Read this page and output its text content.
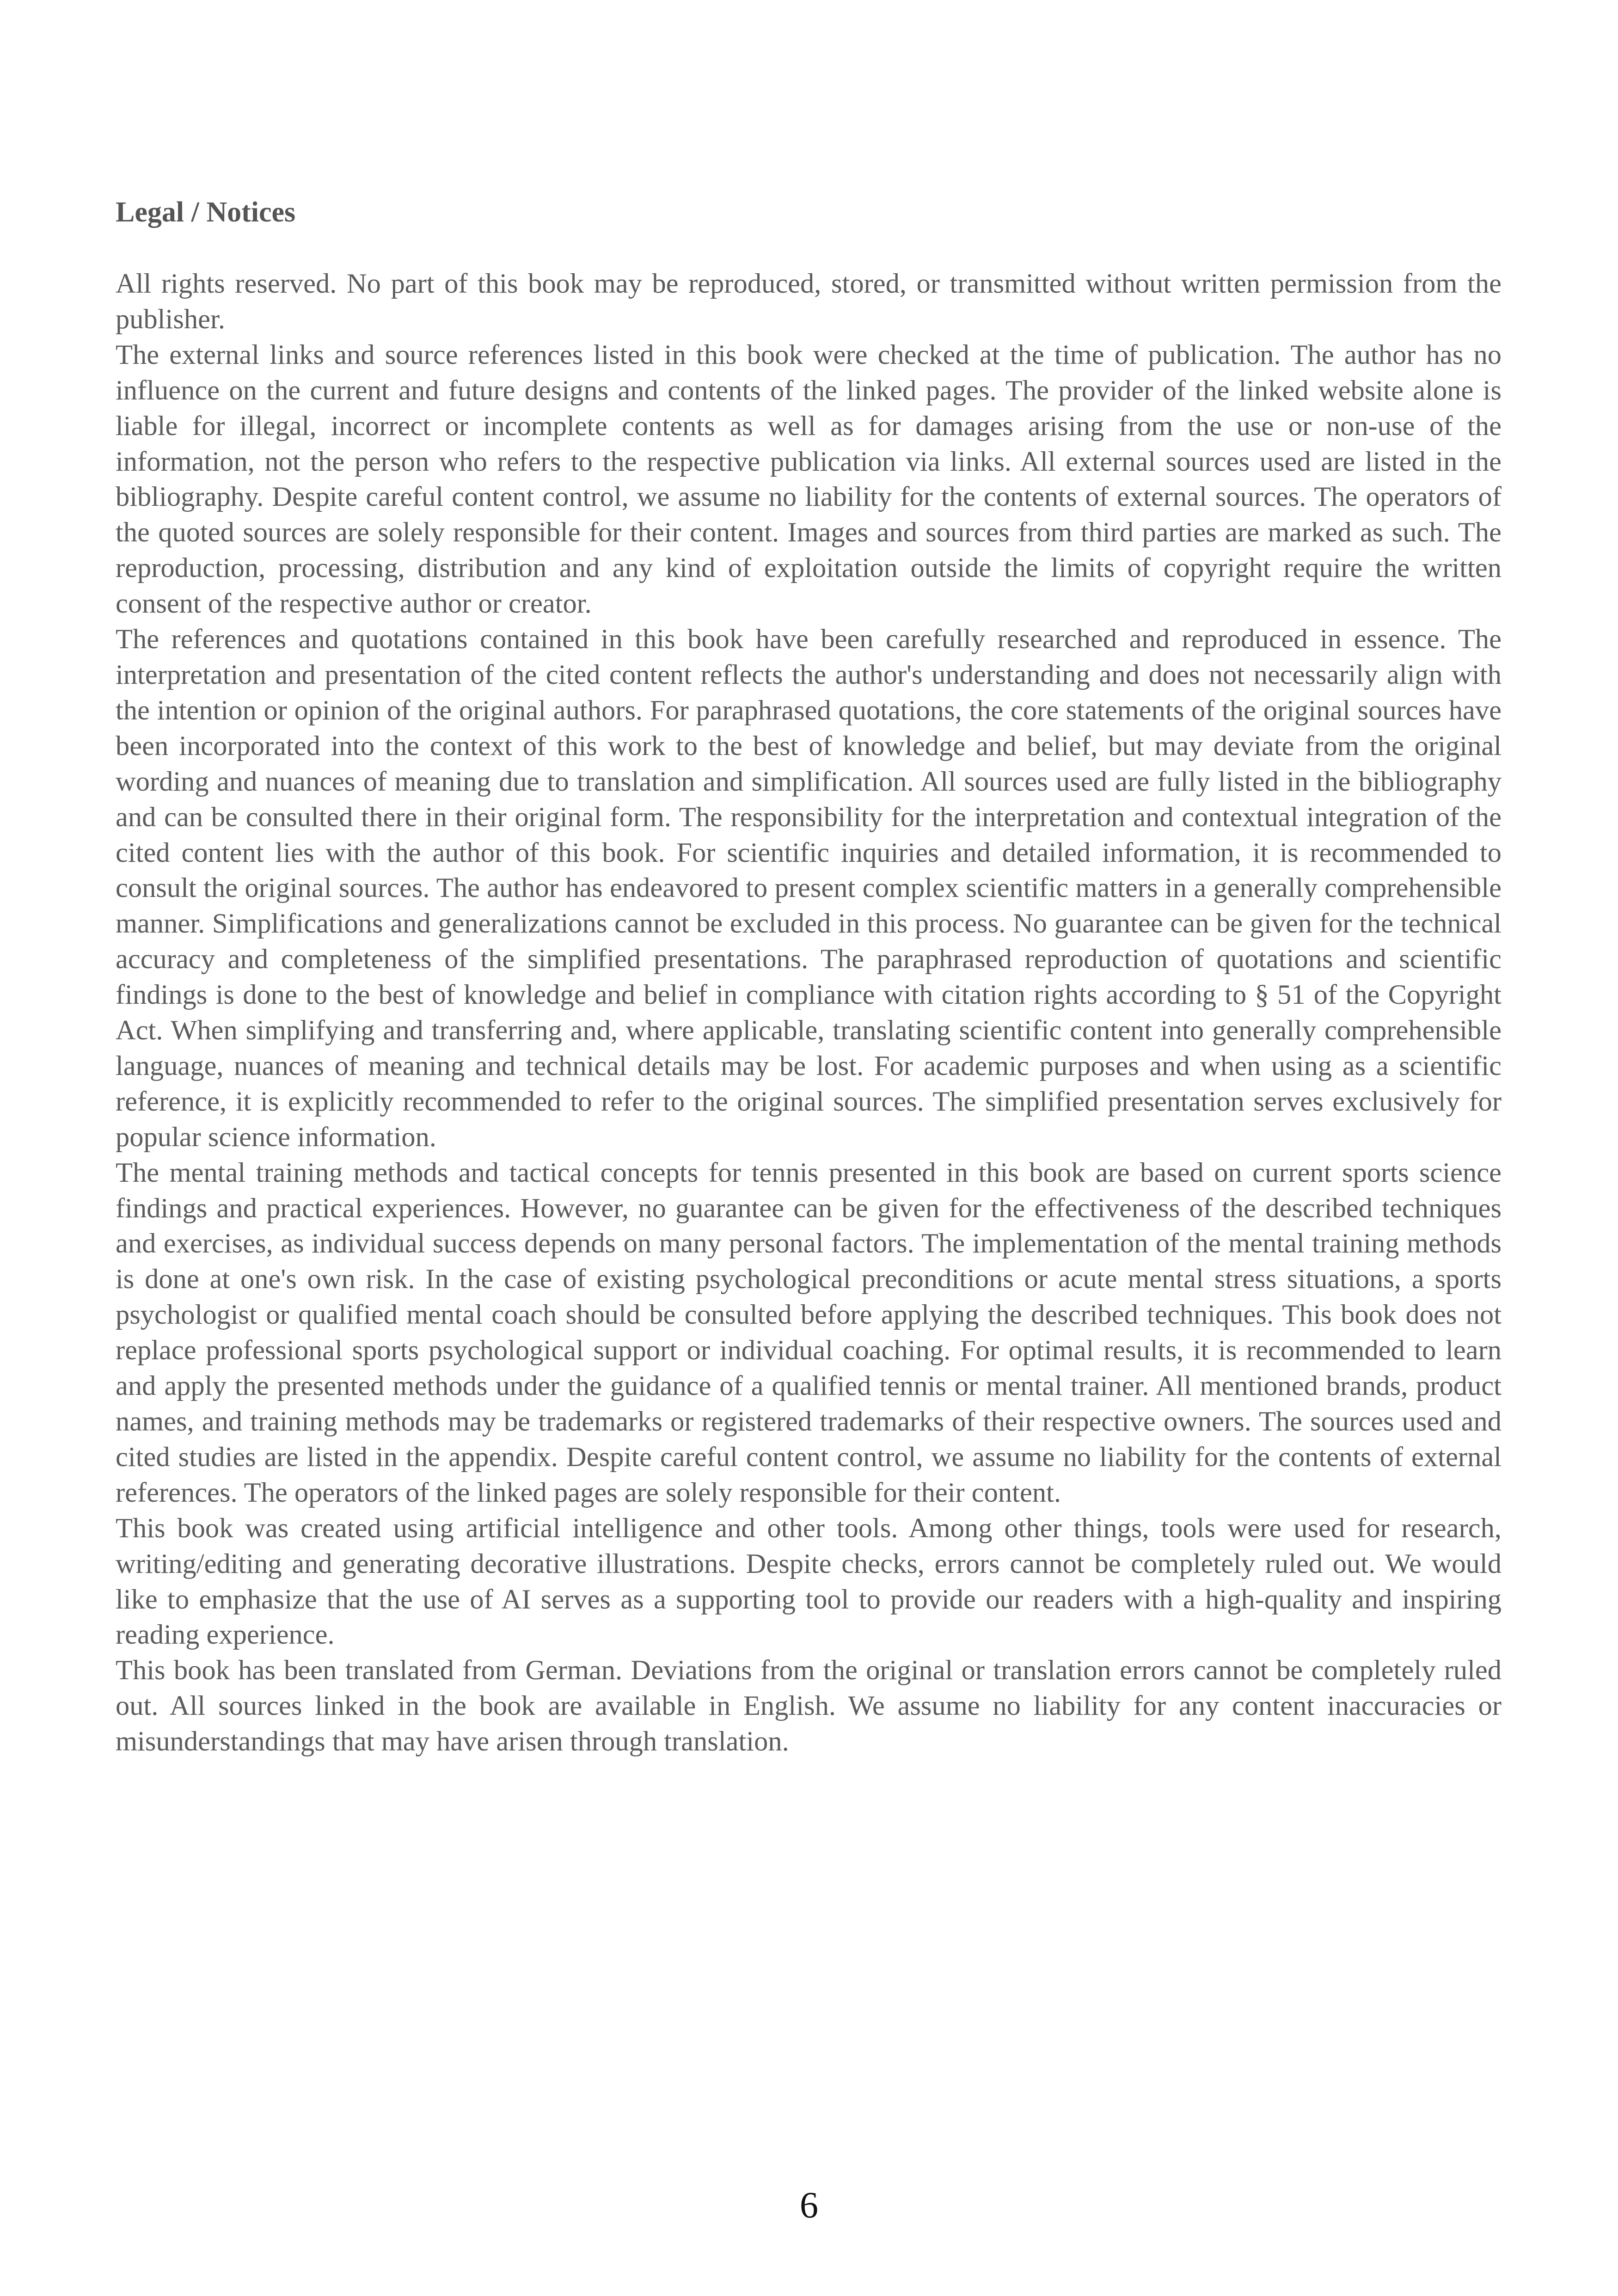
Legal / Notices

All rights reserved. No part of this book may be reproduced, stored, or transmitted without written permission from the publisher.

The external links and source references listed in this book were checked at the time of publication. The author has no influence on the current and future designs and contents of the linked pages. The provider of the linked website alone is liable for illegal, incorrect or incomplete contents as well as for damages arising from the use or non-use of the information, not the person who refers to the respective publication via links. All external sources used are listed in the bibliography. Despite careful content control, we assume no liability for the contents of external sources. The operators of the quoted sources are solely responsible for their content. Images and sources from third parties are marked as such. The reproduction, processing, distribution and any kind of exploitation outside the limits of copyright require the written consent of the respective author or creator.

The references and quotations contained in this book have been carefully researched and reproduced in essence. The interpretation and presentation of the cited content reflects the author's understanding and does not necessarily align with the intention or opinion of the original authors. For paraphrased quotations, the core statements of the original sources have been incorporated into the context of this work to the best of knowledge and belief, but may deviate from the original wording and nuances of meaning due to translation and simplification. All sources used are fully listed in the bibliography and can be consulted there in their original form. The responsibility for the interpretation and contextual integration of the cited content lies with the author of this book. For scientific inquiries and detailed information, it is recommended to consult the original sources. The author has endeavored to present complex scientific matters in a generally comprehensible manner. Simplifications and generalizations cannot be excluded in this process. No guarantee can be given for the technical accuracy and completeness of the simplified presentations. The paraphrased reproduction of quotations and scientific findings is done to the best of knowledge and belief in compliance with citation rights according to § 51 of the Copyright Act. When simplifying and transferring and, where applicable, translating scientific content into generally comprehensible language, nuances of meaning and technical details may be lost. For academic purposes and when using as a scientific reference, it is explicitly recommended to refer to the original sources. The simplified presentation serves exclusively for popular science information.

The mental training methods and tactical concepts for tennis presented in this book are based on current sports science findings and practical experiences. However, no guarantee can be given for the effectiveness of the described techniques and exercises, as individual success depends on many personal factors. The implementation of the mental training methods is done at one's own risk. In the case of existing psychological preconditions or acute mental stress situations, a sports psychologist or qualified mental coach should be consulted before applying the described techniques. This book does not replace professional sports psychological support or individual coaching. For optimal results, it is recommended to learn and apply the presented methods under the guidance of a qualified tennis or mental trainer. All mentioned brands, product names, and training methods may be trademarks or registered trademarks of their respective owners. The sources used and cited studies are listed in the appendix. Despite careful content control, we assume no liability for the contents of external references. The operators of the linked pages are solely responsible for their content.

This book was created using artificial intelligence and other tools. Among other things, tools were used for research, writing/editing and generating decorative illustrations. Despite checks, errors cannot be completely ruled out. We would like to emphasize that the use of AI serves as a supporting tool to provide our readers with a high-quality and inspiring reading experience.

This book has been translated from German. Deviations from the original or translation errors cannot be completely ruled out. All sources linked in the book are available in English. We assume no liability for any content inaccuracies or misunderstandings that may have arisen through translation.

6
